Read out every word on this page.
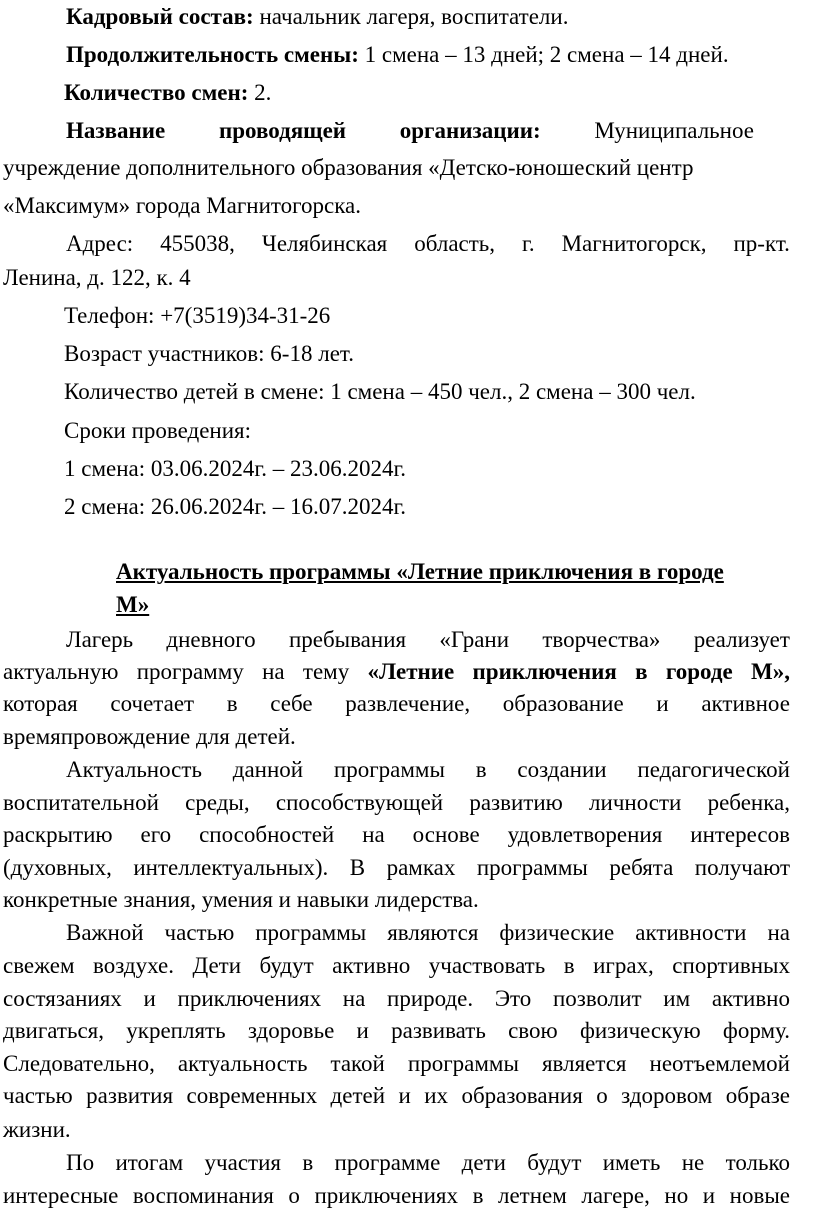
Кадровый состав: начальник лагеря, воспитатели.
Продолжительность смены: 1 смена – 13 дней; 2 смена – 14 дней.
Количество смен: 2.
Название проводящей организации: Муниципальное
учреждение дополнительного образования «Детско-юношеский центр
«Максимум» города Магнитогорска.
Адрес: 455038, Челябинская область, г. Магнитогорск, пр-кт.
Ленина, д. 122, к. 4
Телефон: +7(3519)34-31-26
Возраст участников: 6-18 лет.
Количество детей в смене: 1 смена – 450 чел., 2 смена – 300 чел.
Сроки проведения:
1 смена: 03.06.2024г. – 23.06.2024г.
2 смена: 26.06.2024г. – 16.07.2024г.
Актуальность программы «Летние приключения в городе
М»
Лагерь дневного пребывания «Грани творчества» реализует
актуальную программу на тему «Летние приключения в городе М»,
которая сочетает в себе развлечение, образование и активное
времяпровождение для детей.
Актуальность данной программы в создании педагогической
воспитательной среды, способствующей развитию личности ребенка,
раскрытию его способностей на основе удовлетворения интересов
(духовных, интеллектуальных). В рамках программы ребята получают
конкретные знания, умения и навыки лидерства.
Важной частью программы являются физические активности на
свежем воздухе. Дети будут активно участвовать в играх, спортивных
состязаниях и приключениях на природе. Это позволит им активно
двигаться, укреплять здоровье и развивать свою физическую форму.
Следовательно, актуальность такой программы является неотъемлемой
частью развития современных детей и их образования о здоровом образе
жизни.
По итогам участия в программе дети будут иметь не только
интересные воспоминания о приключениях в летнем лагере, но и новые
